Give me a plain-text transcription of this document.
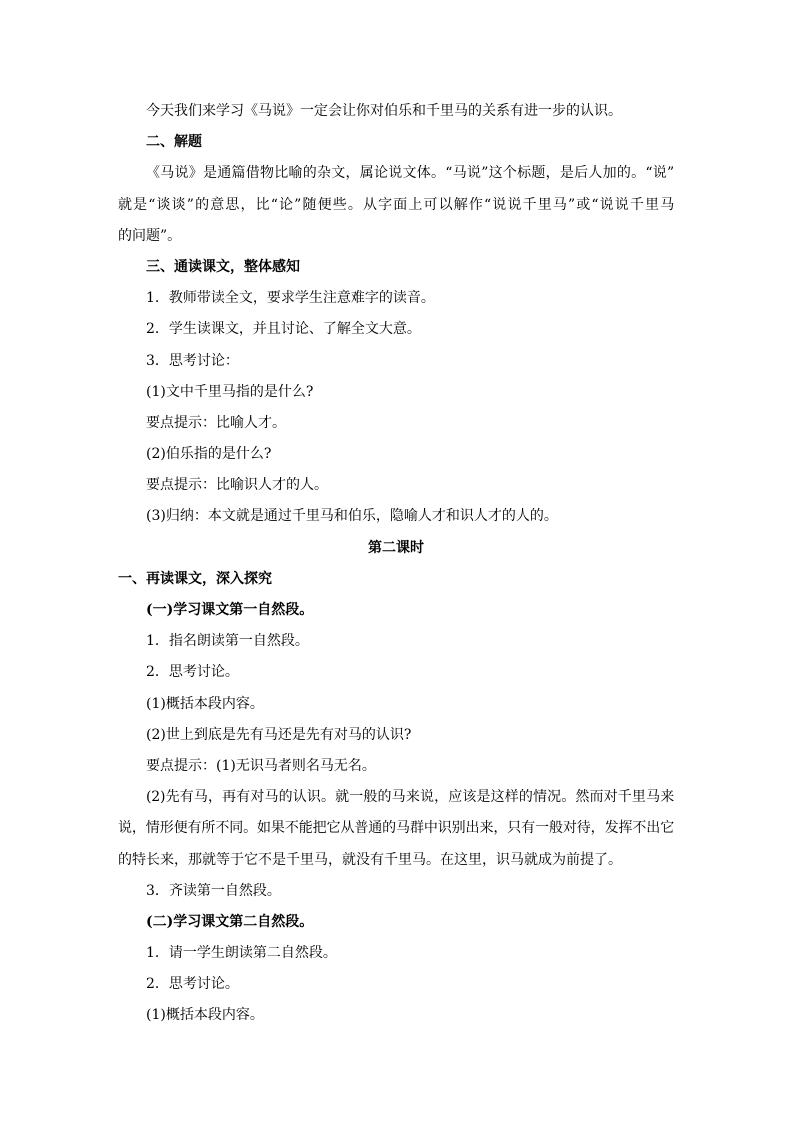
今天我们来学习《马说》一定会让你对伯乐和千里马的关系有进一步的认识。
二、解题
《马说》是通篇借物比喻的杂文，属论说文体。“马说”这个标题，是后人加的。“说”
就是“谈谈”的意思，比“论”随便些。从字面上可以解作“说说千里马”或“说说千里马
的问题”。
三、通读课文，整体感知
1．教师带读全文，要求学生注意难字的读音。
2．学生读课文，并且讨论、了解全文大意。
3．思考讨论：
(1)文中千里马指的是什么?
要点提示：比喻人才。
(2)伯乐指的是什么?
要点提示：比喻识人才的人。
(3)归纳：本文就是通过千里马和伯乐，隐喻人才和识人才的人的。
第二课时
一、再读课文，深入探究
(一)学习课文第一自然段。
1．指名朗读第一自然段。
2．思考讨论。
(1)概括本段内容。
(2)世上到底是先有马还是先有对马的认识?
要点提示：(1)无识马者则名马无名。
(2)先有马，再有对马的认识。就一般的马来说，应该是这样的情况。然而对千里马来
说，情形便有所不同。如果不能把它从普通的马群中识别出来，只有一般对待，发挥不出它
的特长来，那就等于它不是千里马，就没有千里马。在这里，识马就成为前提了。
3．齐读第一自然段。
(二)学习课文第二自然段。
1．请一学生朗读第二自然段。
2．思考讨论。
(1)概括本段内容。
